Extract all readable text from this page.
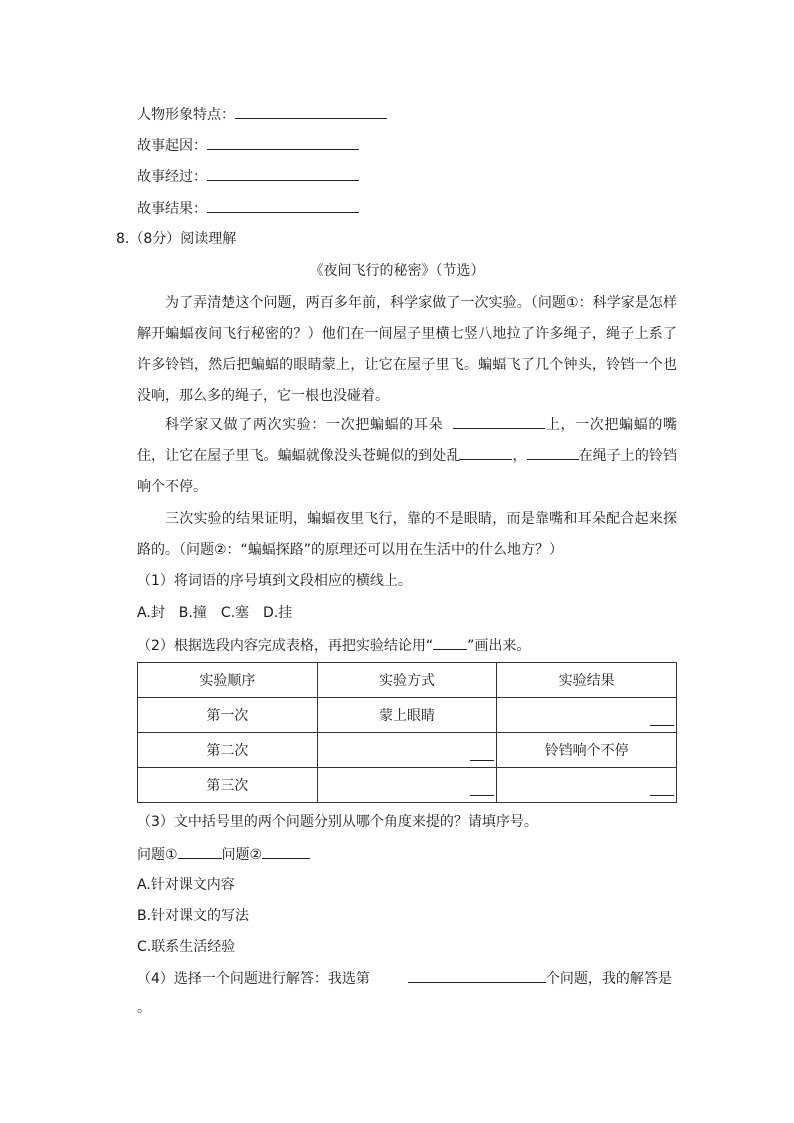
人物形象特点：
故事起因：
故事经过：
故事结果：
8.（8分）阅读理解
《夜间飞行的秘密》（节选）
为了弄清楚这个问题，两百多年前，科学家做了一次实验。（问题①：科学家是怎样解开蝙蝠夜间飞行秘密的？）他们在一间屋子里横七竖八地拉了许多绳子，绳子上系了许多铃铛，然后把蝙蝠的眼睛蒙上，让它在屋子里飞。蝙蝠飞了几个钟头，铃铛一个也没响，那么多的绳子，它一根也没碰着。
科学家又做了两次实验：一次把蝙蝠的耳朵	上，一次把蝙蝠的嘴住，让它在屋子里飞。蝙蝠就像没头苍蝇似的到处乱	，	在绳子上的铃铛响个不停。
三次实验的结果证明，蝙蝠夜里飞行，靠的不是眼睛，而是靠嘴和耳朵配合起来探路的。（问题②：“蝙蝠探路”的原理还可以用在生活中的什么地方？）
（1）将词语的序号填到文段相应的横线上。
A.封　B.撞　C.塞　D.挂
（2）根据选段内容完成表格，再把实验结论用“ ”画出来。
实验顺序	实验方式	实验结果
第一次	蒙上眼睛	

第二次		铃铛响个不停
第三次	

（3）文中括号里的两个问题分别从哪个角度来提的？请填序号。
问题①	问题②
A.针对课文内容
B.针对课文的写法
C.联系生活经验
（4）选择一个问题进行解答：我选第	个问题，我的解答是
。
